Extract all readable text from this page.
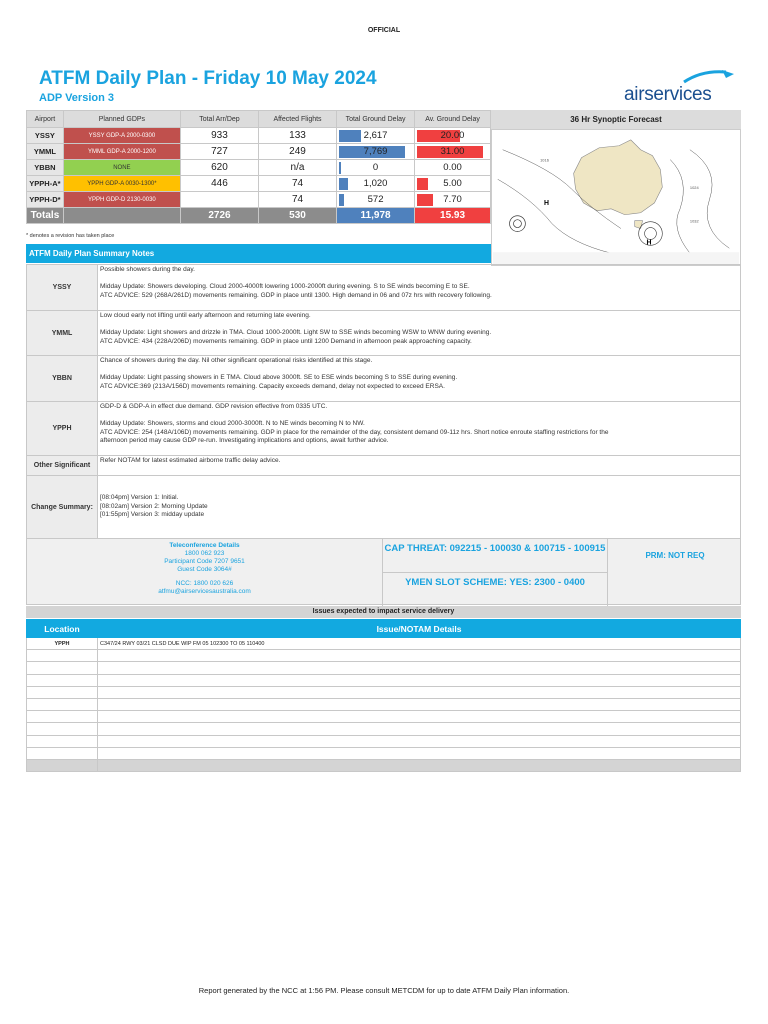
OFFICIAL
ATFM Daily Plan - Friday 10 May 2024
ADP Version 3	airservices
Airport	Planned GDPs	Total Arr/Dep	Affected Flights	Total Ground Delay	Av. Ground Delay
YSSY	YSSY GDP-A 2000-0300	933	133	2,617	20.00
YMML	YMML GDP-A 2000-1200	727	249	7,769	31.00
YBBN	NONE	620	n/a	0	0.00
YPPH-A*	YPPH GDP-A 0030-1300*	446	74	1,020	5.00
YPPH-D*	YPPH GDP-D 2130-0030		74	572	7.70
Totals		2726	530	11,978	15.93
* denotes a revision has taken place
36 Hr Synoptic Forecast
H
H
1016
1024
1032
ATFM Daily Plan Summary Notes
YSSY	Possible showers during the day.

Midday Update: Showers developing. Cloud 2000-4000ft lowering 1000-2000ft during evening. S to SE winds becoming E to SE.

ATC ADVICE: 529 (268A/261D) movements remaining. GDP in place until 1300. High demand in 06 and 07z hrs with recovery following.

YMML	Low cloud early not lifting until early afternoon and returning late evening.

Midday Update: Light showers and drizzle in TMA. Cloud 1000-2000ft. Light SW to SSE winds becoming WSW to WNW during evening.

ATC ADVICE: 434 (228A/206D) movements remaining. GDP in place until 1200 Demand in afternoon peak approaching capacity.

YBBN	Chance of showers during the day. Nil other significant operational risks identified at this stage.

Midday Update: Light passing showers in E TMA. Cloud above 3000ft. SE to ESE winds becoming S to SSE during evening.

ATC ADVICE:369 (213A/156D) movements remaining. Capacity exceeds demand, delay not expected to exceed ERSA.

YPPH	GDP-D & GDP-A in effect due demand. GDP revision effective from 0335 UTC.

Midday Update: Showers, storms and cloud 2000-3000ft. N to NE winds becoming N to NW.

ATC ADVICE: 254 (148A/106D) movements remaining. GDP in place for the remainder of the day, consistent demand 09-11z hrs. Short notice enroute staffing restrictions for the

afternoon period may cause GDP re-run. Investigating implications and options, await further advice.

Other Significant	Refer NOTAM for latest estimated airborne traffic delay advice.

Change Summary:	[08:04pm] Version 1: Initial.

[08:02am] Version 2: Morning Update

[01:55pm] Version 3: midday update

Teleconference Details
1800 062 923
Participant Code 7207 9651
Guest Code 3064#
NCC: 1800 020 626
atfmu@airservicesaustralia.com
CAP THREAT: 092215 - 100030 & 100715 - 100915
YMEN SLOT SCHEME: YES: 2300 - 0400
PRM: NOT REQ
Issues expected to impact service delivery
Location	Issue/NOTAM Details
YPPH	C347/24 RWY 03/21 CLSD DUE WIP FM 05 102300 TO 05 110400

Report generated by the NCC at 1:56 PM. Please consult METCDM for up to date ATFM Daily Plan information.
